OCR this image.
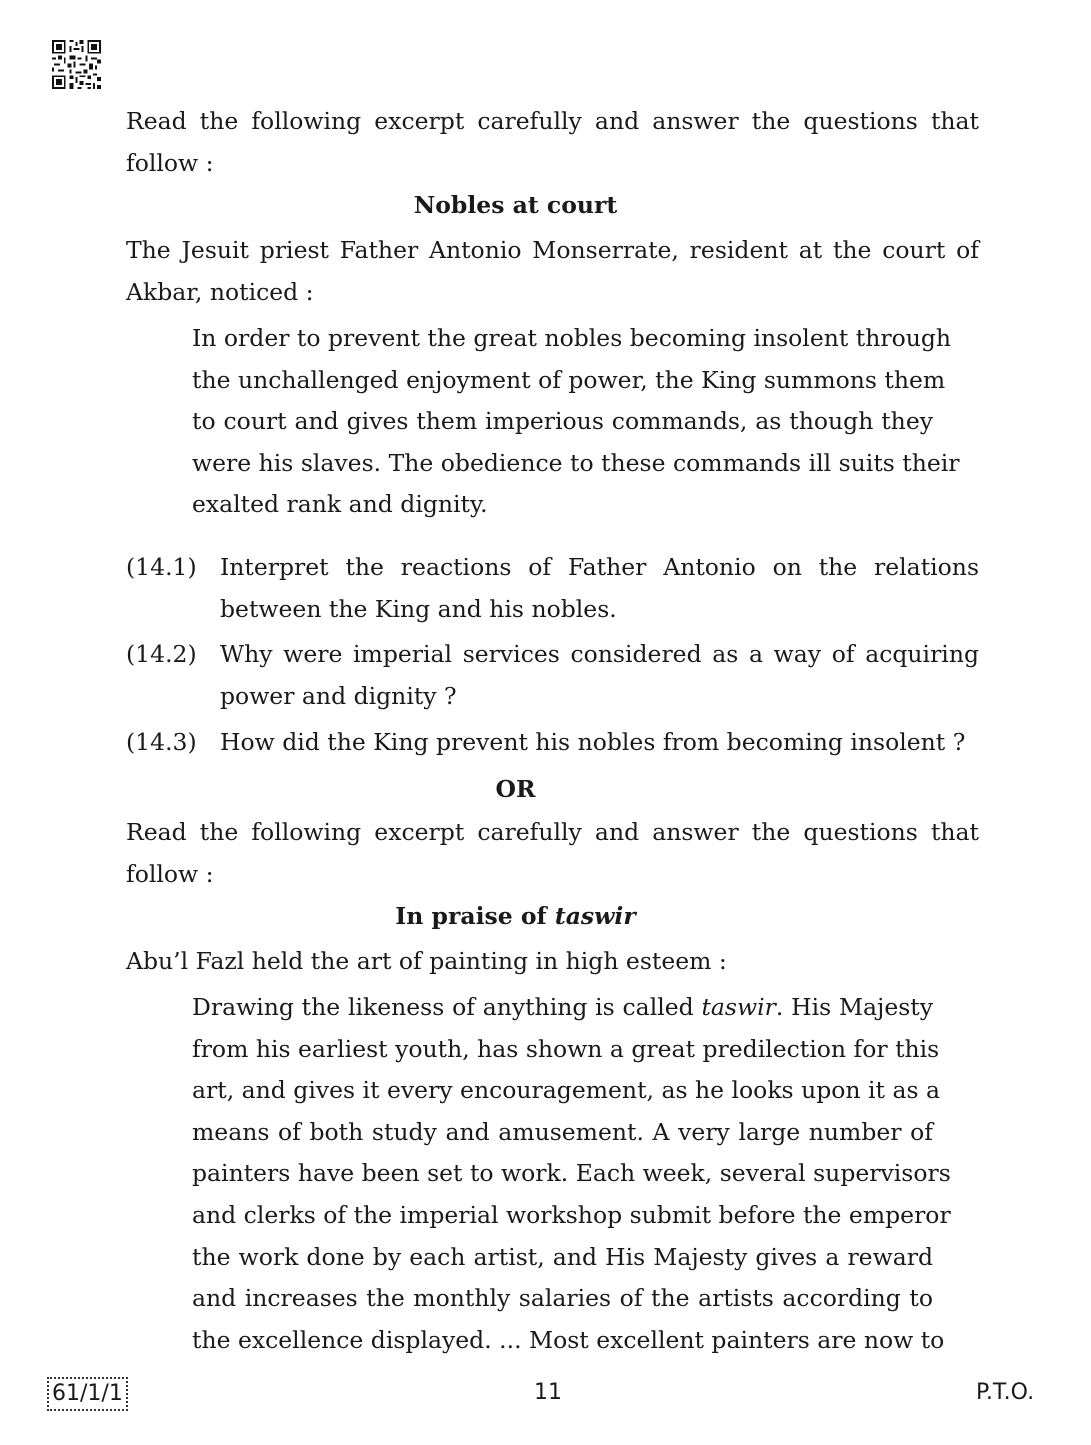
Read the following excerpt carefully and answer the questions that
follow :
Nobles at court
The Jesuit priest Father Antonio Monserrate, resident at the court of
Akbar, noticed :
In order to prevent the great nobles becoming insolent through
the unchallenged enjoyment of power, the King summons them
to court and gives them imperious commands, as though they
were his slaves. The obedience to these commands ill suits their
exalted rank and dignity.
(14.1) Interpret the reactions of Father Antonio on the relations
between the King and his nobles.
(14.2) Why were imperial services considered as a way of acquiring
power and dignity ?
(14.3) How did the King prevent his nobles from becoming insolent ?
OR
Read the following excerpt carefully and answer the questions that
follow :
In praise of taswir
Abu’l Fazl held the art of painting in high esteem :
Drawing the likeness of anything is called taswir. His Majesty
from his earliest youth, has shown a great predilection for this
art, and gives it every encouragement, as he looks upon it as a
means of both study and amusement. A very large number of
painters have been set to work. Each week, several supervisors
and clerks of the imperial workshop submit before the emperor
the work done by each artist, and His Majesty gives a reward
and increases the monthly salaries of the artists according to
the excellence displayed. ... Most excellent painters are now to
61/1/1	11	P.T.O.
